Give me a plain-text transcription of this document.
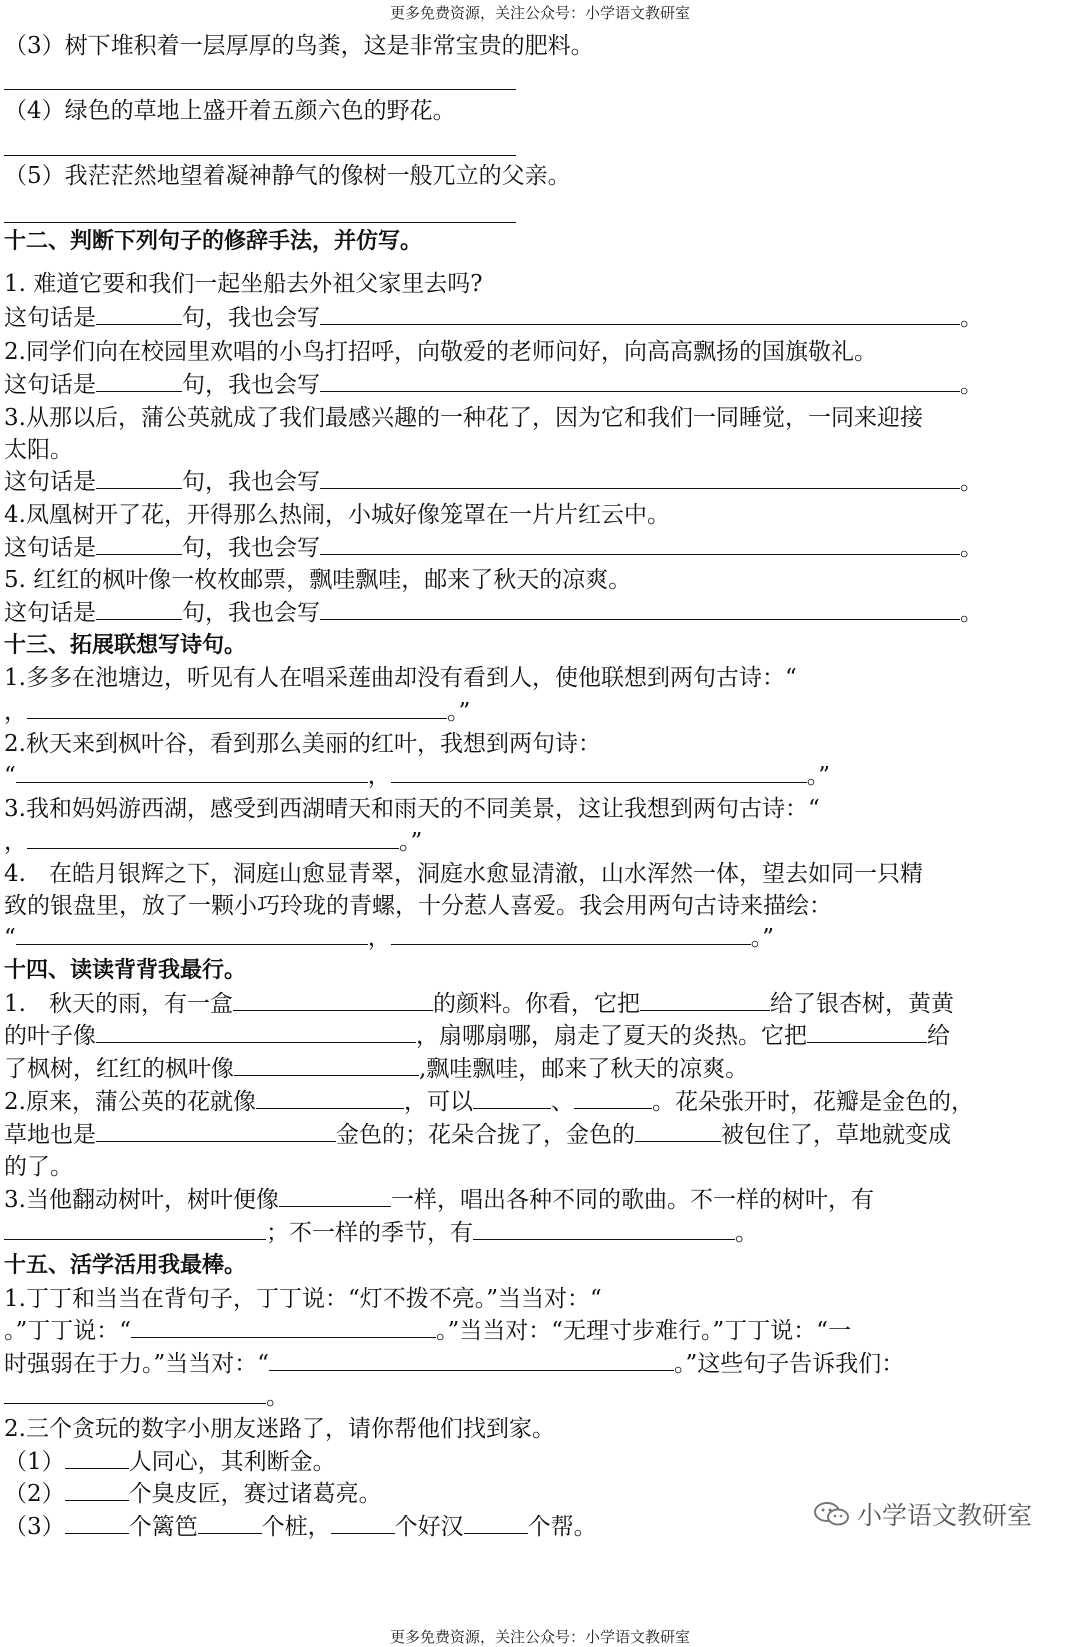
更多免费资源，关注公众号：小学语文教研室
（3）树下堆积着一层厚厚的鸟粪，这是非常宝贵的肥料。
（4）绿色的草地上盛开着五颜六色的野花。
（5）我茫茫然地望着凝神静气的像树一般兀立的父亲。
十二、判断下列句子的修辞手法，并仿写。
1. 难道它要和我们一起坐船去外祖父家里去吗?
这句话是	句，我也会写	。
2.同学们向在校园里欢唱的小鸟打招呼，向敬爱的老师问好，向高高飘扬的国旗敬礼。
这句话是	句，我也会写	。
3.从那以后，蒲公英就成了我们最感兴趣的一种花了，因为它和我们一同睡觉，一同来迎接
太阳。
这句话是	句，我也会写	。
4.凤凰树开了花，开得那么热闹，小城好像笼罩在一片片红云中。
这句话是	句，我也会写	。
5. 红红的枫叶像一枚枚邮票，飘哇飘哇，邮来了秋天的凉爽。
这句话是	句，我也会写	。
十三、拓展联想写诗句。
1.多多在池塘边，听见有人在唱采莲曲却没有看到人，使他联想到两句古诗：“
，	。”
2.秋天来到枫叶谷，看到那么美丽的红叶，我想到两句诗：
“	，	。”
3.我和妈妈游西湖，感受到西湖晴天和雨天的不同美景，这让我想到两句古诗：“
，	。”
4.　在皓月银辉之下，洞庭山愈显青翠，洞庭水愈显清澈，山水浑然一体，望去如同一只精
致的银盘里，放了一颗小巧玲珑的青螺，十分惹人喜爱。我会用两句古诗来描绘：
“	，	。”
十四、读读背背我最行。
1.　秋天的雨，有一盒	的颜料。你看，它把	给了银杏树，黄黄
的叶子像	，扇哪扇哪，扇走了夏天的炎热。它把	给
了枫树，红红的枫叶像	,飘哇飘哇，邮来了秋天的凉爽。
2.原来，蒲公英的花就像	，可以	、	。花朵张开时，花瓣是金色的，
草地也是	金色的；花朵合拢了，金色的	被包住了，草地就变成
的了。
3.当他翻动树叶，树叶便像	一样，唱出各种不同的歌曲。不一样的树叶，有
；不一样的季节，有	。
十五、活学活用我最棒。
1.丁丁和当当在背句子，丁丁说：“灯不拨不亮。”当当对：“
。”丁丁说：“	。”当当对：“无理寸步难行。”丁丁说：“一
时强弱在于力。”当当对：“	。”这些句子告诉我们：
。
2.三个贪玩的数字小朋友迷路了，请你帮他们找到家。
（1）	人同心，其利断金。
（2）	个臭皮匠，赛过诸葛亮。
（3）	个篱笆	个桩，	个好汉	个帮。	小学语文教研室
更多免费资源，关注公众号：小学语文教研室
